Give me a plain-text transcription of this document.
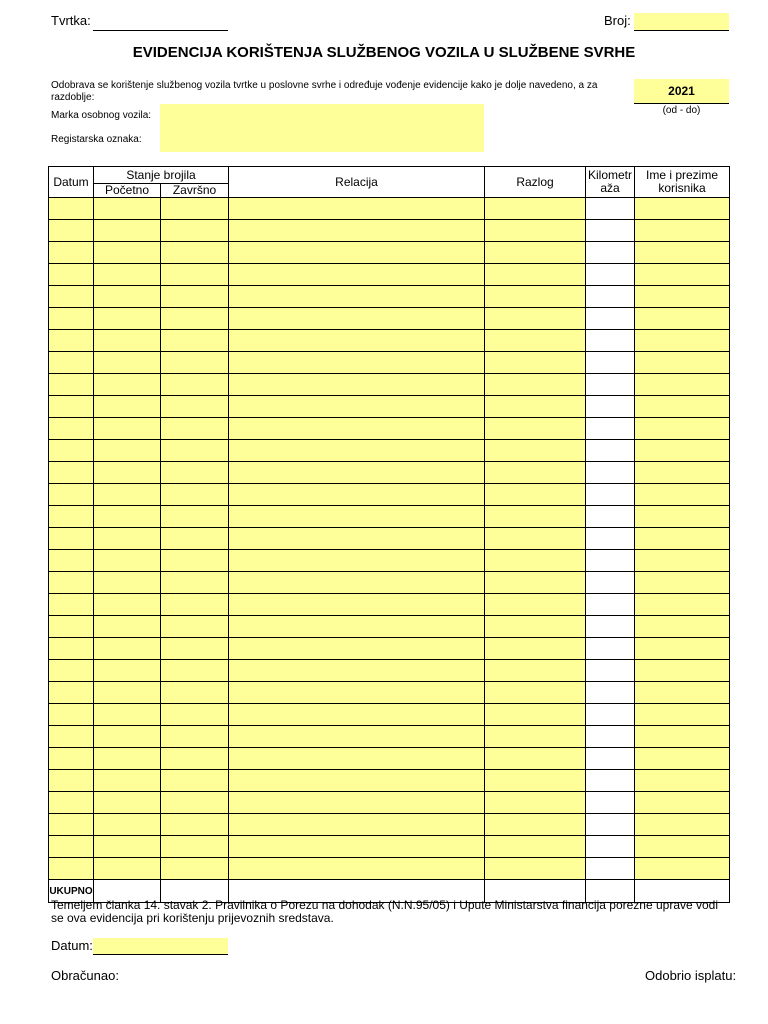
Tvrtka:	Broj:
EVIDENCIJA KORIŠTENJA SLUŽBENOG VOZILA U SLUŽBENE SVRHE
Odobrava se korištenje službenog vozila tvrtke u poslovne svrhe i određuje vođenje evidencije kako je dolje navedeno, a za razdoblje:	2021
(od - do)
Marka osobnog vozila:
Registarska oznaka:
Datum	Stanje brojila		Relacija	Razlog	Kilometr aža	Ime i prezime korisnika
	Početno	Završno				

UKUPNO						
Temeljem članka 14. stavak 2. Pravilnika o Porezu na dohodak (N.N.95/05) i Upute Ministarstva financija porezne uprave vodi se ova evidencija pri korištenju prijevoznih sredstava.
Datum:
Obračunao:	Odobrio isplatu:
